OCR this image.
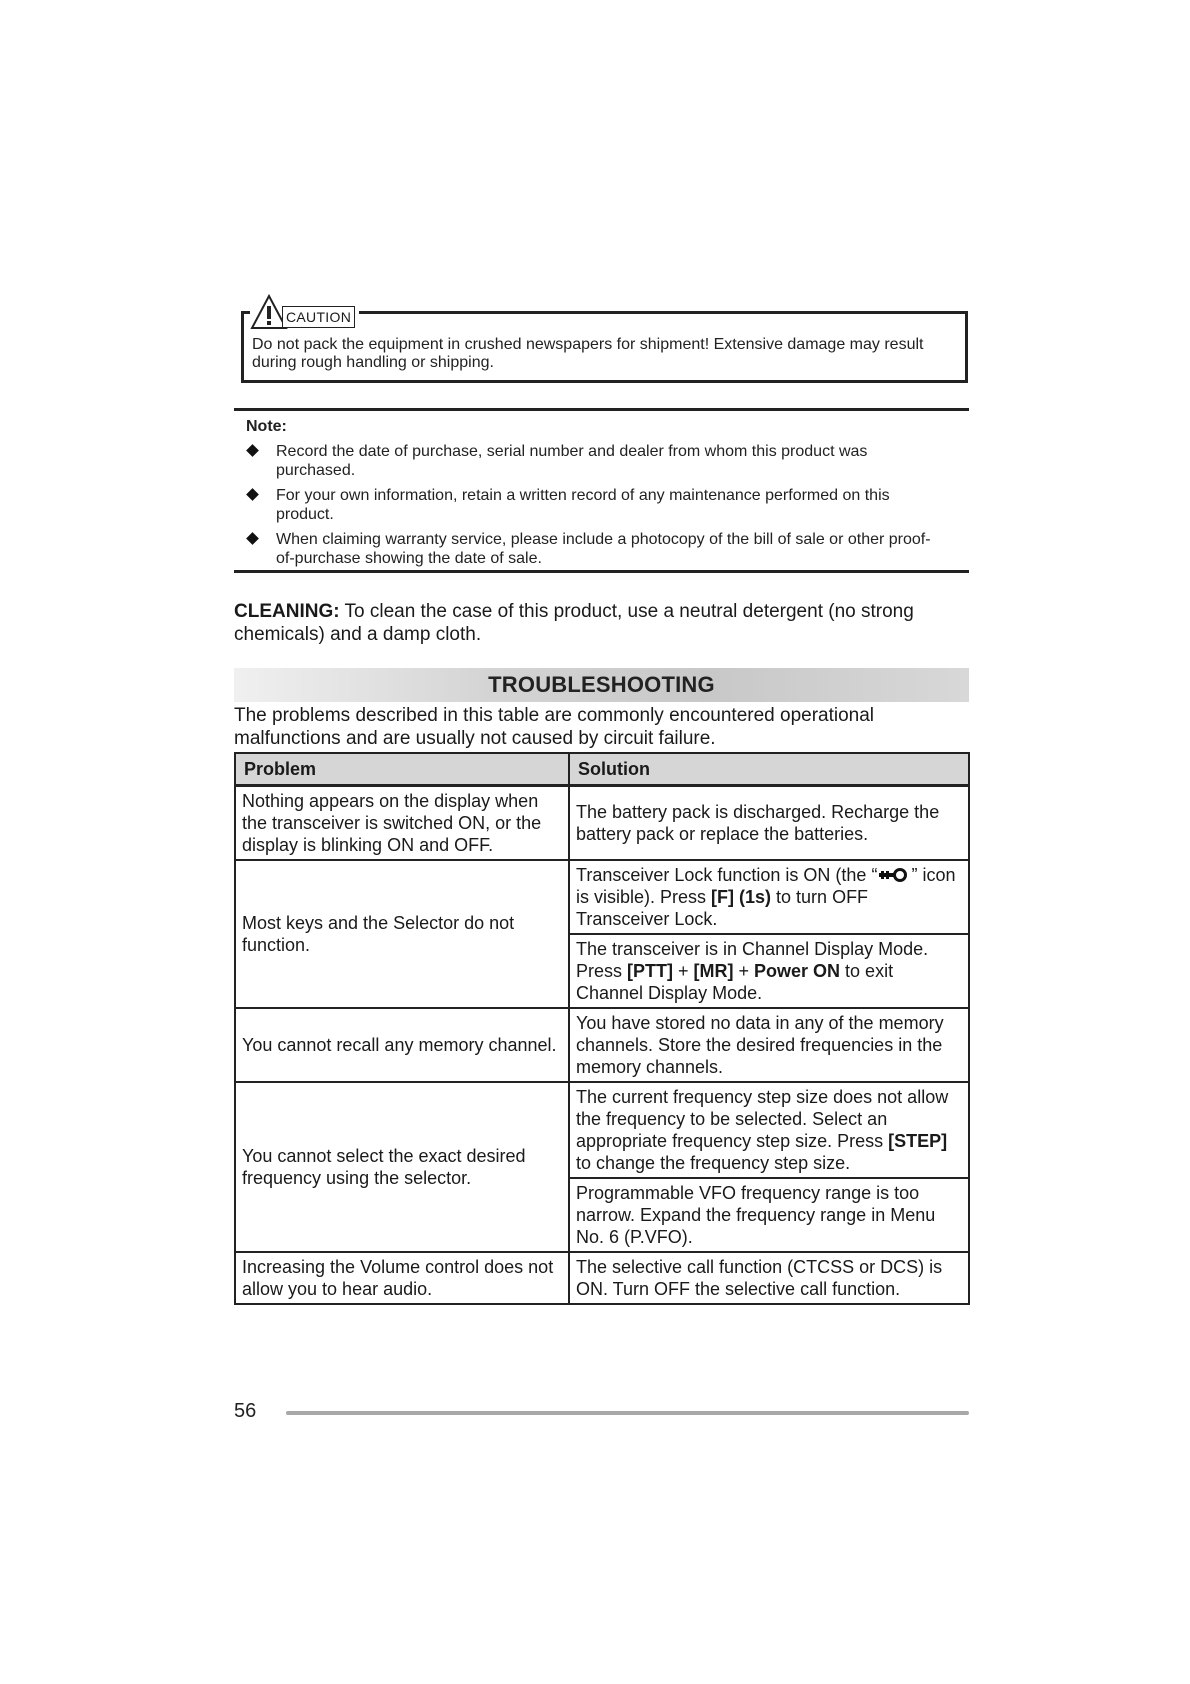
CAUTION
Do not pack the equipment in crushed newspapers for shipment! Extensive damage may result during rough handling or shipping.
Note:
Record the date of purchase, serial number and dealer from whom this product was purchased.
For your own information, retain a written record of any maintenance performed on this product.
When claiming warranty service, please include a photocopy of the bill of sale or other proof-of-purchase showing the date of sale.
CLEANING: To clean the case of this product, use a neutral detergent (no strong chemicals) and a damp cloth.
TROUBLESHOOTING
The problems described in this table are commonly encountered operational malfunctions and are usually not caused by circuit failure.
Problem	Solution
Nothing appears on the display when the transceiver is switched ON, or the display is blinking ON and OFF.	The battery pack is discharged. Recharge the battery pack or replace the batteries.
Most keys and the Selector do not function.	Transceiver Lock function is ON (the “ ” icon is visible). Press [F] (1s) to turn OFF Transceiver Lock.
	The transceiver is in Channel Display Mode. Press [PTT] + [MR] + Power ON to exit Channel Display Mode.
You cannot recall any memory channel.	You have stored no data in any of the memory channels. Store the desired frequencies in the memory channels.
You cannot select the exact desired frequency using the selector.	The current frequency step size does not allow the frequency to be selected. Select an appropriate frequency step size. Press [STEP] to change the frequency step size.
	Programmable VFO frequency range is too narrow. Expand the frequency range in Menu No. 6 (P.VFO).
Increasing the Volume control does not allow you to hear audio.	The selective call function (CTCSS or DCS) is ON. Turn OFF the selective call function.
56
